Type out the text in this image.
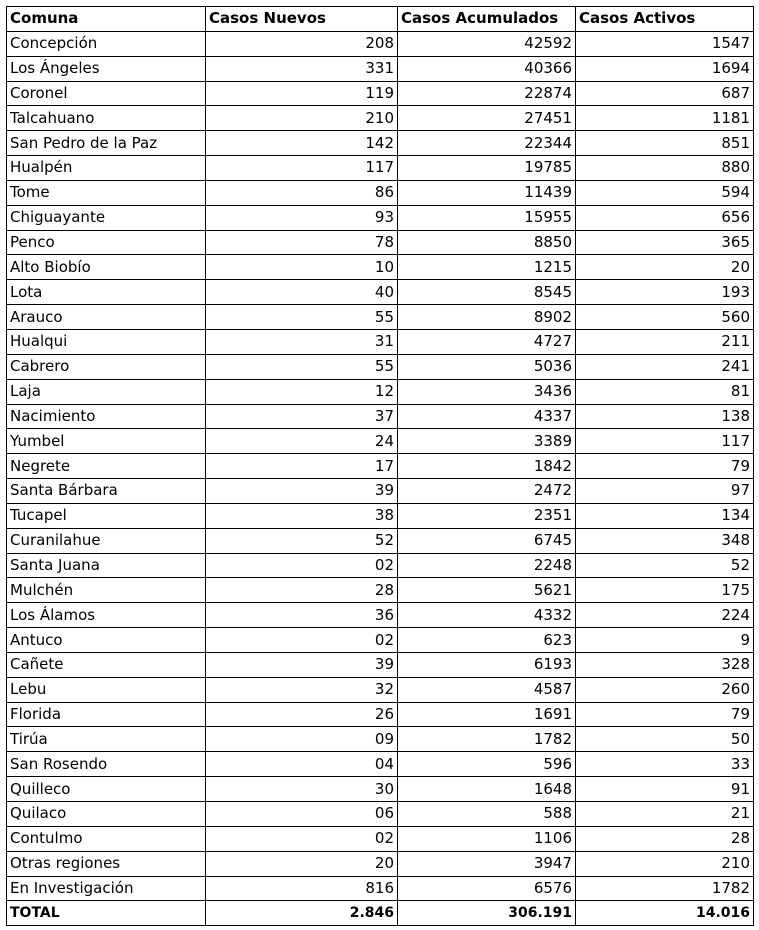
Comuna	Casos Nuevos	Casos Acumulados	Casos Activos
Concepción	208	42592	1547
Los Ángeles	331	40366	1694
Coronel	119	22874	687
Talcahuano	210	27451	1181
San Pedro de la Paz	142	22344	851
Hualpén	117	19785	880
Tome	86	11439	594
Chiguayante	93	15955	656
Penco	78	8850	365
Alto Biobío	10	1215	20
Lota	40	8545	193
Arauco	55	8902	560
Hualqui	31	4727	211
Cabrero	55	5036	241
Laja	12	3436	81
Nacimiento	37	4337	138
Yumbel	24	3389	117
Negrete	17	1842	79
Santa Bárbara	39	2472	97
Tucapel	38	2351	134
Curanilahue	52	6745	348
Santa Juana	02	2248	52
Mulchén	28	5621	175
Los Álamos	36	4332	224
Antuco	02	623	9
Cañete	39	6193	328
Lebu	32	4587	260
Florida	26	1691	79
Tirúa	09	1782	50
San Rosendo	04	596	33
Quilleco	30	1648	91
Quilaco	06	588	21
Contulmo	02	1106	28
Otras regiones	20	3947	210
En Investigación	816	6576	1782
TOTAL	2.846	306.191	14.016
